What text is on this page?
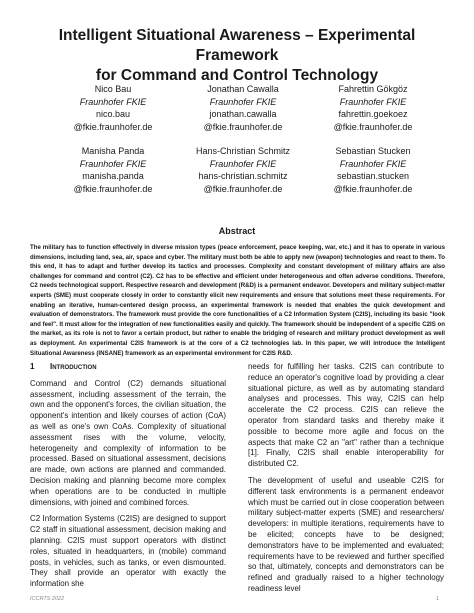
Intelligent Situational Awareness – Experimental Framework
for Command and Control Technology
Nico Bau
Fraunhofer FKIE
nico.bau
@fkie.fraunhofer.de
Jonathan Cawalla
Fraunhofer FKIE
jonathan.cawalla
@fkie.fraunhofer.de
Fahrettin Gökgöz
Fraunhofer FKIE
fahrettin.goekoez
@fkie.fraunhofer.de
Manisha Panda
Fraunhofer FKIE
manisha.panda
@fkie.fraunhofer.de
Hans-Christian Schmitz
Fraunhofer FKIE
hans-christian.schmitz
@fkie.fraunhofer.de
Sebastian Stucken
Fraunhofer FKIE
sebastian.stucken
@fkie.fraunhofer.de
Abstract
The military has to function effectively in diverse mission types (peace enforcement, peace keeping, war, etc.) and it has to operate in various dimensions, including land, sea, air, space and cyber. The military must both be able to apply new (weapon) technologies and react to them. To this end, it has to adapt and further develop its tactics and processes. Complexity and constant development of military affairs are also challenges for command and control (C2). C2 has to be effective and efficient under heterogeneous and often adverse conditions. Therefore, C2 needs technological support. Respective research and development (R&D) is a permanent endeavor. Developers and military subject-matter experts (SME) must cooperate closely in order to constantly elicit new requirements and ensure that solutions meet these requirements. For enabling an iterative, human-centered design process, an experimental framework is needed that enables the quick development and evaluation of demonstrators. The framework must provide the core functionalities of a C2 Information System (C2IS), including its basic "look and feel". It must allow for the integration of new functionalities easily and quickly. The framework should be independent of a specific C2IS on the market, as its role is not to favor a certain product, but rather to enable the bridging of research and military product development as well as deployment. An experimental C2IS framework is at the core of a C2 technologies lab. In this paper, we will introduce the Intelligent Situational Awareness (INSANE) framework as an experimental environment for C2IS R&D.
1 Introduction

Command and Control (C2) demands situational assessment, including assessment of the terrain, the own and the opponent's forces, the civilian situation, the opponent's intention and likely courses of action (CoA) as well as one's own CoAs. Complexity of situational assessment rises with the volume, velocity, heterogeneity and complexity of information to be processed. Based on situational assessment, decisions are made, own actions are planned and commanded. Decision making and planning become more complex when operations are to be conducted in multiple dimensions, with joined and combined forces.

C2 Information Systems (C2IS) are designed to support C2 staff in situational assessment, decision making and planning. C2IS must support operators with distinct roles, situated in headquarters, in (mobile) command posts, in vehicles, such as tanks, or even dismounted. They shall provide an operator with exactly the information she

needs for fulfilling her tasks. C2IS can contribute to reduce an operator's cognitive load by providing a clear situational picture, as well as by automating standard analyses and processes. This way, C2IS can help accelerate the C2 process. C2IS can relieve the operator from standard tasks and thereby make it possible to become more agile and focus on the aspects that make C2 an "art" rather than a technique [1]. Finally, C2IS shall enable interoperability for distributed C2.

The development of useful and useable C2IS for different task environments is a permanent endeavor which must be carried out in close cooperation between military subject-matter experts (SME) and researchers/ developers: in multiple iterations, requirements have to be elicited; concepts have to be designed; demonstrators have to be implemented and evaluated; requirements have to be reviewed and further specified so that, ultimately, concepts and demonstrators can be refined and gradually raised to a higher technology readiness level

ICCRTS 2022	1
